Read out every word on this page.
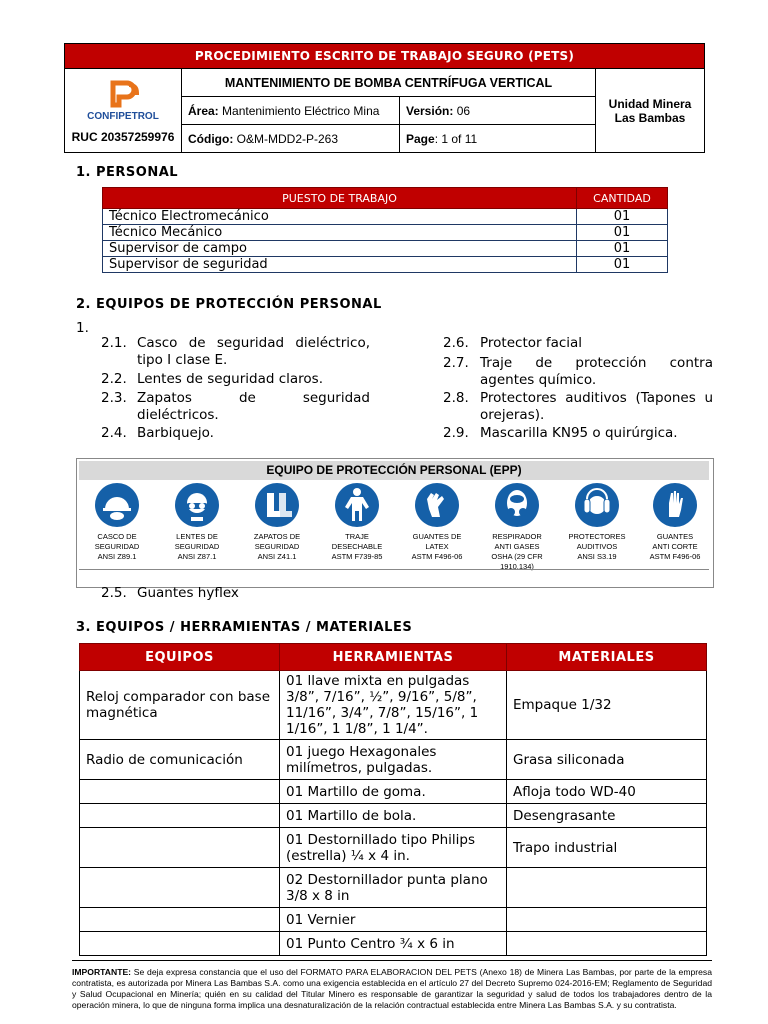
PROCEDIMIENTO ESCRITO DE TRABAJO SEGURO (PETS)			

CONFIPETROL
RUC 20357259976	MANTENIMIENTO DE BOMBA CENTRÍFUGA VERTICAL		Unidad Minera Las Bambas
	Área: Mantenimiento Eléctrico Mina	Versión: 06	
	Código: O&M-MDD2-P-263	Page: 1 of 11	
1. PERSONAL
PUESTO DE TRABAJO	CANTIDAD
Técnico Electromecánico	01
Técnico Mecánico	01
Supervisor de campo	01
Supervisor de seguridad	01
2. EQUIPOS DE PROTECCIÓN PERSONAL
1.
2.1. Casco de seguridad dieléctrico, tipo I clase E.
2.2. Lentes de seguridad claros.
2.3. Zapatos de seguridad dieléctricos.
2.4. Barbiquejo.
2.6. Protector facial
2.7. Traje de protección contra agentes químico.
2.8. Protectores auditivos (Tapones u orejeras).
2.9. Mascarilla KN95 o quirúrgica.
EQUIPO DE PROTECCIÓN PERSONAL (EPP)
CASCO DE
SEGURIDAD
ANSI Z89.1
LENTES DE
SEGURIDAD
ANSI Z87.1
ZAPATOS DE
SEGURIDAD
ANSI Z41.1
TRAJE
DESECHABLE
ASTM F739-85
GUANTES DE
LATEX
ASTM F496-06
RESPIRADOR
ANTI GASES
OSHA (29 CFR
1910.134)
PROTECTORES
AUDITIVOS
ANSI S3.19
GUANTES
ANTI CORTE
ASTM F496-06
2.5. Guantes hyflex
3. EQUIPOS / HERRAMIENTAS / MATERIALES
EQUIPOS	HERRAMIENTAS	MATERIALES
Reloj comparador con base magnética	01 llave mixta en pulgadas 3/8”, 7/16”, ½”, 9/16”, 5/8”, 11/16”, 3/4”, 7/8”, 15/16”, 1 1/16”, 1 1/8”, 1 1/4”.	Empaque 1/32
Radio de comunicación	01 juego Hexagonales milímetros, pulgadas.	Grasa siliconada
	01 Martillo de goma.	Afloja todo WD-40
	01 Martillo de bola.	Desengrasante
	01 Destornillado tipo Philips (estrella) ¼ x 4 in.	Trapo industrial
	02 Destornillador punta plano 3/8 x 8 in	
	01 Vernier	
	01 Punto Centro ¾ x 6 in	
IMPORTANTE: Se deja expresa constancia que el uso del FORMATO PARA ELABORACION DEL PETS (Anexo 18) de Minera Las Bambas, por parte de la empresa contratista, es autorizada por Minera Las Bambas S.A. como una exigencia establecida en el artículo 27 del Decreto Supremo 024-2016-EM; Reglamento de Seguridad y Salud Ocupacional en Minería; quién en su calidad del Titular Minero es responsable de garantizar la seguridad y salud de todos los trabajadores dentro de la operación minera, lo que de ninguna forma implica una desnaturalización de la relación contractual establecida entre Minera Las Bambas S.A. y su contratista.
